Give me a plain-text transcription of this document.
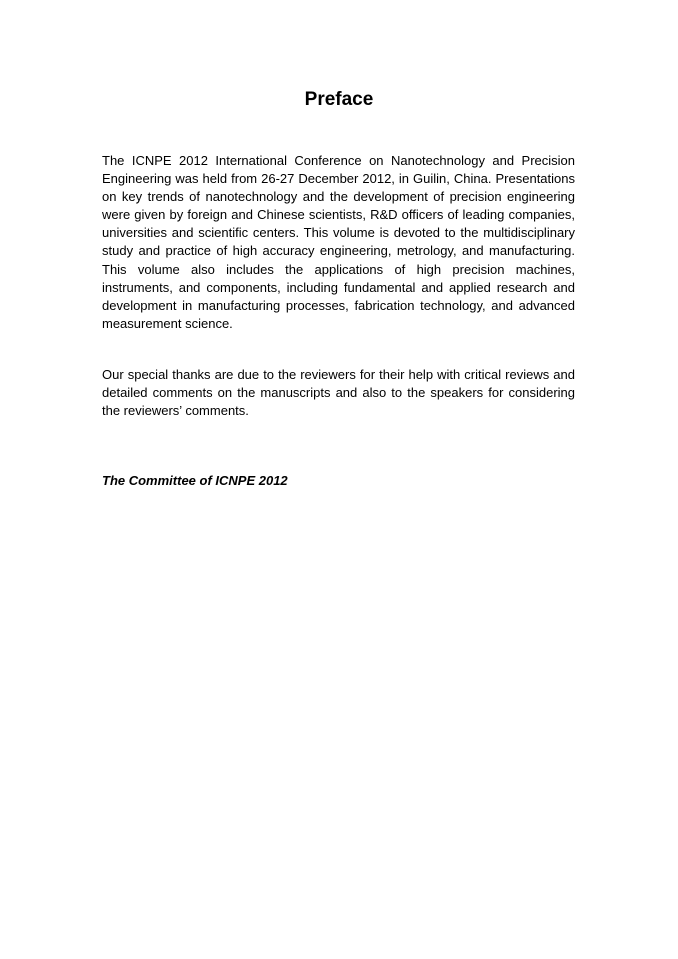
Preface

The ICNPE 2012 International Conference on Nanotechnology and Precision Engineering was held from 26-27 December 2012, in Guilin, China. Presentations on key trends of nanotechnology and the development of precision engineering were given by foreign and Chinese scientists, R&D officers of leading companies, universities and scientific centers. This volume is devoted to the multidisciplinary study and practice of high accuracy engineering, metrology, and manufacturing. This volume also includes the applications of high precision machines, instruments, and components, including fundamental and applied research and development in manufacturing processes, fabrication technology, and advanced measurement science.

Our special thanks are due to the reviewers for their help with critical reviews and detailed comments on the manuscripts and also to the speakers for considering the reviewers’ comments.

The Committee of ICNPE 2012
